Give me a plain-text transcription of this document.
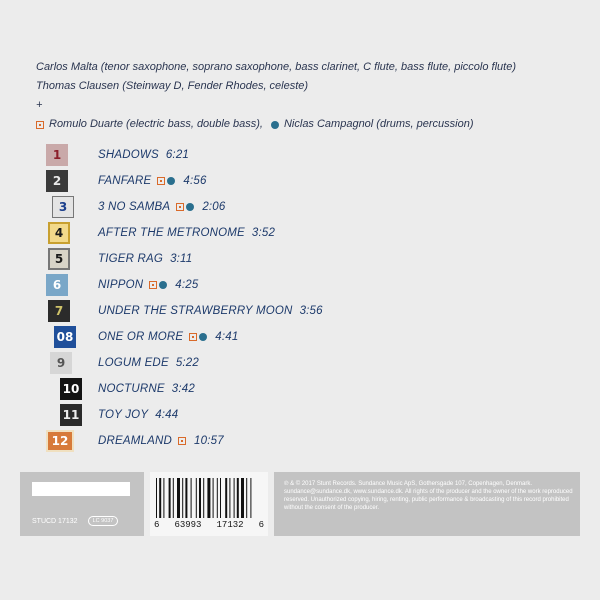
Carlos Malta (tenor saxophone, soprano saxophone, bass clarinet, C flute, bass flute, piccolo flute)
Thomas Clausen (Steinway D, Fender Rhodes, celeste)
+
Romulo Duarte (electric bass, double bass), Niclas Campagnol (drums, percussion)
1	SHADOWS 6:21
2	FANFARE	4:56
3	3 NO SAMBA	2:06
4	AFTER THE METRONOME 3:52
5	TIGER RAG 3:11
6	NIPPON	4:25
7	UNDER THE STRAWBERRY MOON 3:56
08 ONE OR MORE	4:41
9	LOGUM EDE 5:22
10 NOCTURNE 3:42
11 TOY JOY 4:44
12	DREAMLAND 10:57
STUCD 17132	LC 9037	6 63993 17132 6
℗ & © 2017 Stunt Records. Sundance Music ApS, Gothersgade 107, Copenhagen, Denmark. sundance@sundance.dk, www.sundance.dk. All rights of the producer and the owner of the work reproduced reserved. Unauthorized copying, hiring, renting, public performance & broadcasting of this record prohibited without the consent of the producer.
